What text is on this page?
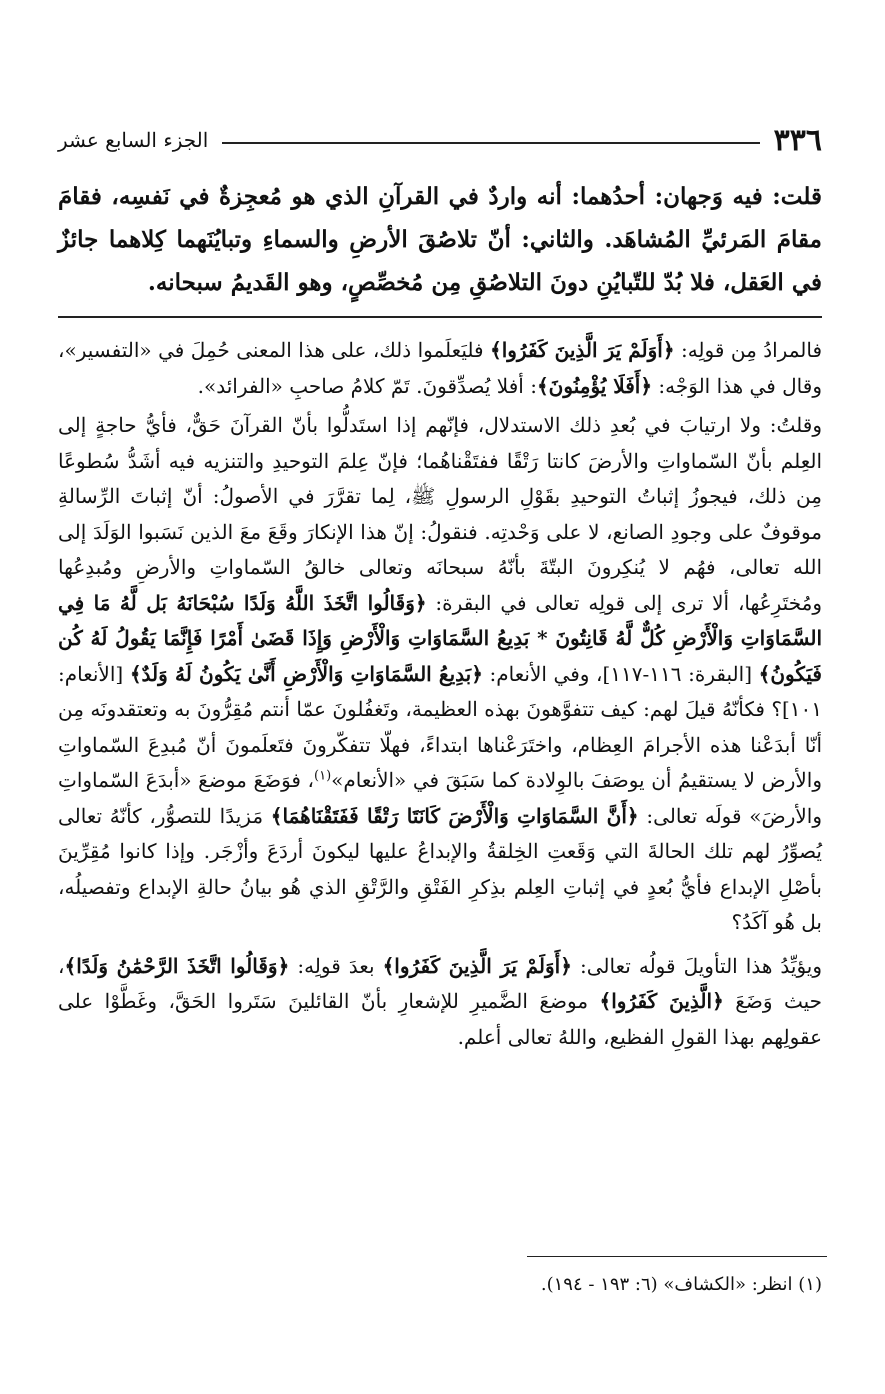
٣٣٦
الجزء السابع عشر
قلت: فيه وَجهان: أحدُهما: أنه واردٌ في القرآنِ الذي هو مُعجِزةٌ في نَفسِه، فقامَ مقامَ المَرئيِّ المُشاهَد. والثاني: أنّ تلاصُقَ الأرضِ والسماءِ وتبايُنَهما كِلاهما جائزٌ في العَقل، فلا بُدّ للتّبايُنِ دونَ التلاصُقِ مِن مُخصِّصٍ، وهو القَديمُ سبحانه.

فالمرادُ مِن قولِه: ﴿أَوَلَمْ يَرَ الَّذِينَ كَفَرُوا﴾ فليَعلَموا ذلك، على هذا المعنى حُمِلَ في «التفسير»، وقال في هذا الوَجْه: ﴿أَفَلَا يُؤْمِنُونَ﴾: أفلا يُصدِّقونَ. تَمّ كلامُ صاحبِ «الفرائد».

وقلتُ: ولا ارتيابَ في بُعدِ ذلك الاستدلال، فإنّهم إذا استَدلُّوا بأنّ القرآنَ حَقٌّ، فأيُّ حاجةٍ إلى العِلم بأنّ السّماواتِ والأرضَ كانتا رَتْقًا ففتَقْناهُما؛ فإنّ عِلمَ التوحيدِ والتنزيه فيه أشَدُّ سُطوعًا مِن ذلك، فيجوزُ إثباتُ التوحيدِ بقَوْلِ الرسولِ ﷺ، لِما تقرَّرَ في الأصولُ: أنّ إثباتَ الرِّسالةِ موقوفٌ على وجودِ الصانع، لا على وَحْدتِه. فنقولُ: إنّ هذا الإنكارَ وقَعَ معَ الذين نَسَبوا الوَلَدَ إلى الله تعالى، فهُم لا يُنكِرونَ البتّةَ بأنّهُ سبحانَه وتعالى خالقُ السّماواتِ والأرضِ ومُبدِعُها ومُختَرِعُها، ألا ترى إلى قولِه تعالى في البقرة: ﴿وَقَالُوا اتَّخَذَ اللَّهُ وَلَدًا سُبْحَانَهُ بَل لَّهُ مَا فِي السَّمَاوَاتِ وَالْأَرْضِ كُلٌّ لَّهُ قَانِتُونَ * بَدِيعُ السَّمَاوَاتِ وَالْأَرْضِ وَإِذَا قَضَىٰ أَمْرًا فَإِنَّمَا يَقُولُ لَهُ كُن فَيَكُونُ﴾ [البقرة: ١١٦-١١٧]، وفي الأنعام: ﴿بَدِيعُ السَّمَاوَاتِ وَالْأَرْضِ أَنَّىٰ يَكُونُ لَهُ وَلَدٌ﴾ [الأنعام: ١٠١]؟ فكأنّهُ قيلَ لهم: كيف تتفوَّهونَ بهذه العظيمة، وتَغفُلونَ عمّا أنتم مُقِرُّونَ به وتعتقدونَه مِن أنّا أبدَعْنا هذه الأجرامَ العِظام، واختَرَعْناها ابتداءً، فهلّا تتفكّرونَ فتَعلَمونَ أنّ مُبدِعَ السّماواتِ والأرض لا يستقيمُ أن يوصَفَ بالوِلادة كما سَبَقَ في «الأنعام»$^{(١)}$، فوَضَعَ موضعَ «أبدَعَ السّماواتِ والأرضَ» قولَه تعالى: ﴿أَنَّ السَّمَاوَاتِ وَالْأَرْضَ كَانَتَا رَتْقًا فَفَتَقْنَاهُمَا﴾ مَزيدًا للتصوُّر، كأنّهُ تعالى يُصوِّرُ لهم تلك الحالةَ التي وَقَعتِ الخِلقةُ والإبداعُ عليها ليكونَ أردَعَ وأزْجَر. وإذا كانوا مُقِرِّينَ بأصْلِ الإبداع فأيُّ بُعدٍ في إثباتِ العِلم بذِكرِ الفَتْقِ والرَّتْقِ الذي هُو بيانُ حالةِ الإبداع وتفصيلُه، بل هُو آكَدُ؟

ويؤيِّدُ هذا التأويلَ قولُه تعالى: ﴿أَوَلَمْ يَرَ الَّذِينَ كَفَرُوا﴾ بعدَ قولِه: ﴿وَقَالُوا اتَّخَذَ الرَّحْمَٰنُ وَلَدًا﴾، حيث وَضَعَ ﴿الَّذِينَ كَفَرُوا﴾ موضعَ الضَّميرِ للإشعارِ بأنّ القائلينَ سَتَروا الحَقَّ، وغَطَّوْا على عقولِهم بهذا القولِ الفظيع، واللهُ تعالى أعلم.

(١) انظر: «الكشاف» (٦: ١٩٣ - ١٩٤).
